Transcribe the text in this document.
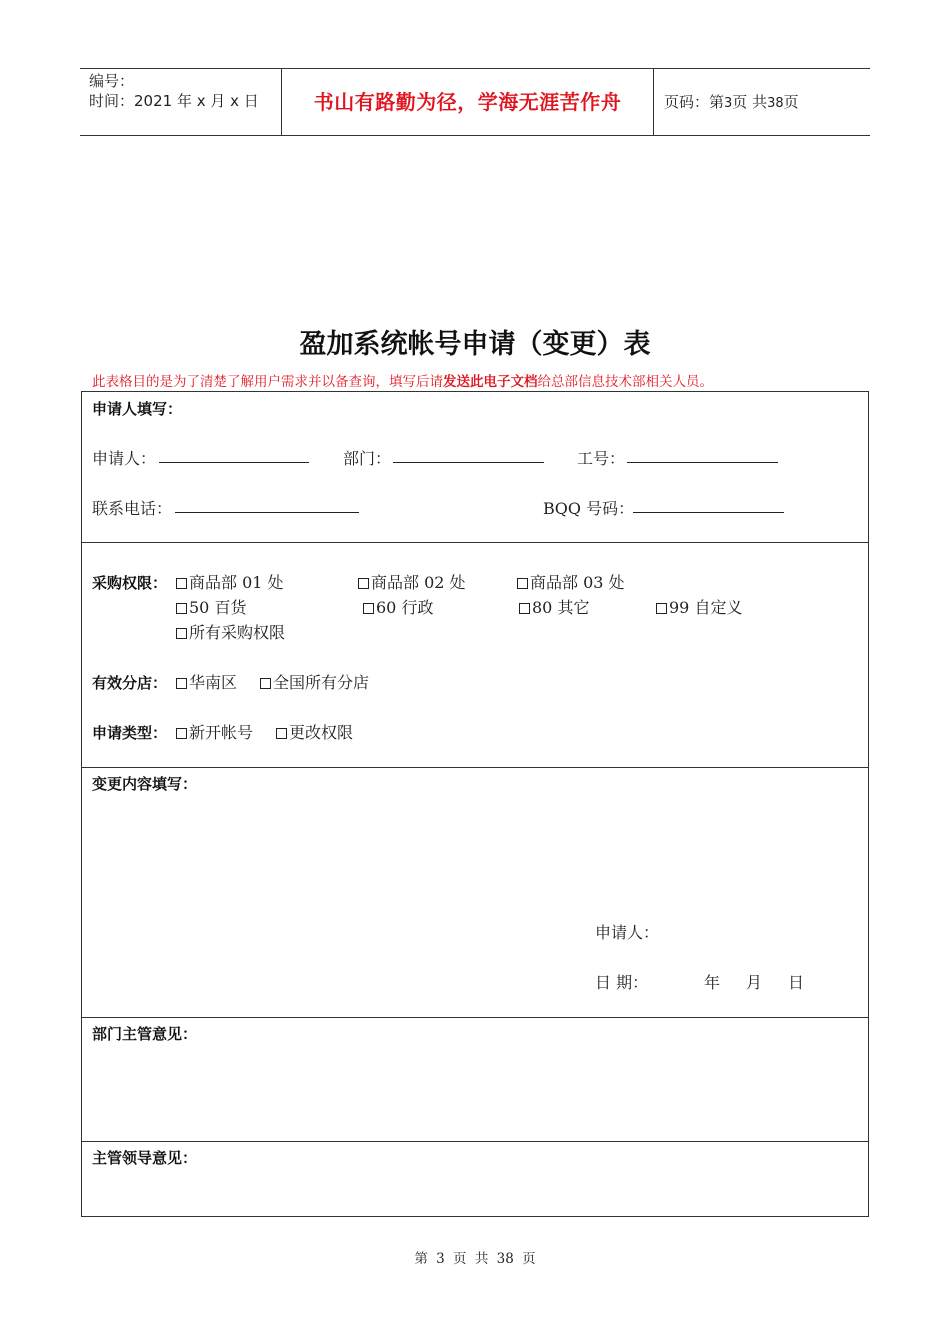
编号：
时间：2021 年 x 月 x 日	书山有路勤为径，学海无涯苦作舟	页码：第3页 共38页
盈加系统帐号申请（变更）表
此表格目的是为了清楚了解用户需求并以备查询，填写后请发送此电子文档给总部信息技术部相关人员。
申请人填写：
申请人：	部门：	工号：
联系电话：	BQQ 号码：
采购权限：	商品部 01 处	商品部 02 处	商品部 03 处
50 百货	60 行政	80 其它	99 自定义
所有采购权限
有效分店：	华南区	全国所有分店
申请类型：	新开帐号	更改权限
变更内容填写：
申请人：
日 期：	年 月 日
部门主管意见：
主管领导意见：
第 3 页 共 38 页
